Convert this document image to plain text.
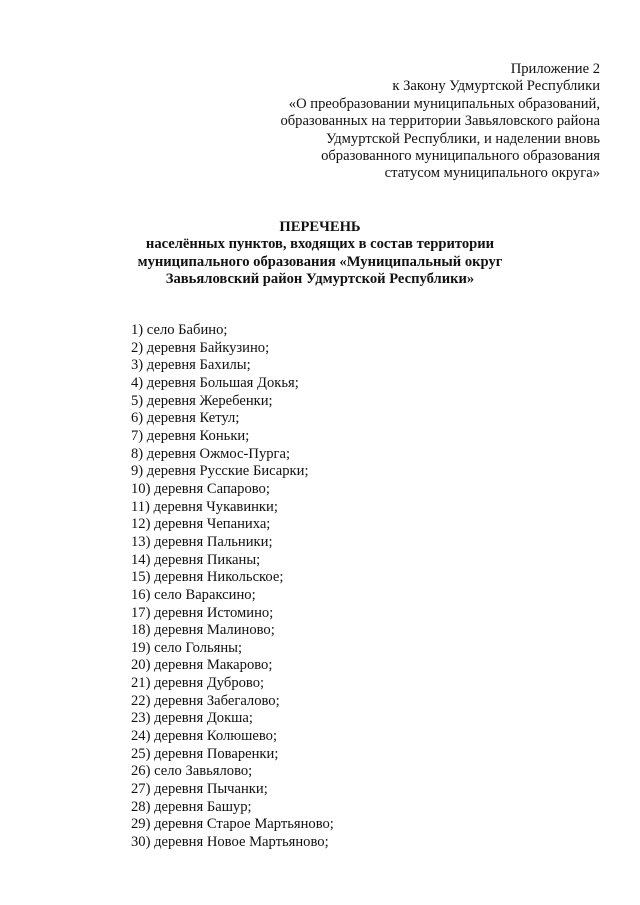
Приложение 2
к Закону Удмуртской Республики
«О преобразовании муниципальных образований,
образованных на территории Завьяловского района
Удмуртской Республики, и наделении вновь
образованного муниципального образования
статусом муниципального округа»
ПЕРЕЧЕНЬ
населённых пунктов, входящих в состав территории
муниципального образования «Муниципальный округ
Завьяловский район Удмуртской Республики»
1) село Бабино;
2) деревня Байкузино;
3) деревня Бахилы;
4) деревня Большая Докья;
5) деревня Жеребенки;
6) деревня Кетул;
7) деревня Коньки;
8) деревня Ожмос-Пурга;
9) деревня Русские Бисарки;
10) деревня Сапарово;
11) деревня Чукавинки;
12) деревня Чепаниха;
13) деревня Пальники;
14) деревня Пиканы;
15) деревня Никольское;
16) село Вараксино;
17) деревня Истомино;
18) деревня Малиново;
19) село Гольяны;
20) деревня Макарово;
21) деревня Дуброво;
22) деревня Забегалово;
23) деревня Докша;
24) деревня Колюшево;
25) деревня Поваренки;
26) село Завьялово;
27) деревня Пычанки;
28) деревня Башур;
29) деревня Старое Мартьяново;
30) деревня Новое Мартьяново;
